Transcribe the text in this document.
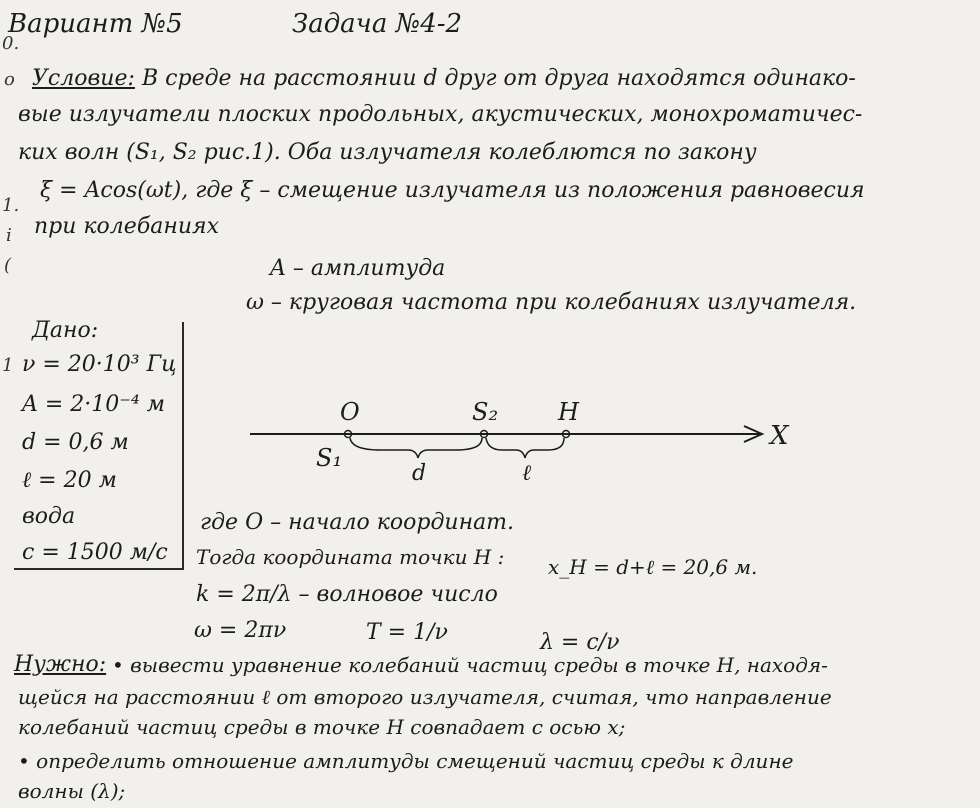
Вариант №5	Задача №4-2
0.
o
1.
i
(
1
Условие: В среде на расстоянии d друг от друга находятся одинако-
вые излучатели плоских продольных, акустических, монохроматичес-
ких волн (S₁, S₂ рис.1). Оба излучателя колеблются по закону
ξ = Acos(ωt), где ξ – смещение излучателя из положения равновесия
при колебаниях
A – амплитуда
ω – круговая частота при колебаниях излучателя.
Дано:
ν = 20·10³ Гц
A = 2·10⁻⁴ м
d = 0,6 м
ℓ = 20 м
вода
c = 1500 м/с
O	S₂ H
X
S₁
d	ℓ
где O – начало координат.
Тогда координата точки H : x_H = d+ℓ = 20,6 м.
k = 2π/λ – волновое число
ω = 2πν	T = 1/ν	λ = c/ν
Нужно: • вывести уравнение колебаний частиц среды в точке H, находя-
щейся на расстоянии ℓ от второго излучателя, считая, что направление
колебаний частиц среды в точке H совпадает с осью x;
• определить отношение амплитуды смещений частиц среды к длине
волны (λ);
